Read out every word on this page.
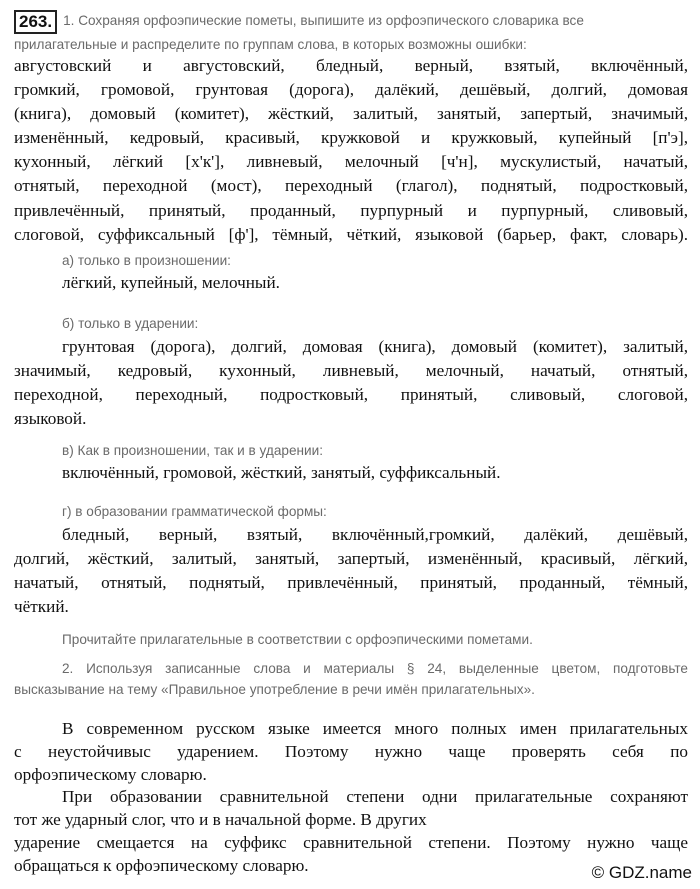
263. 1. Сохраняя орфоэпические пометы, выпишите из орфоэпического словарика все прилагательные и распределите по группам слова, в которых возможны ошибки:
августовский и августовский, бледный, верный, взятый, включённый,
громкий, громовой, грунтовая (дорога), далёкий, дешёвый, долгий, домовая
(книга), домовый (комитет), жёсткий, залитый, занятый, запертый, значимый,
изменённый, кедровый, красивый, кружковой и кружковый, купейный [п'э],
кухонный, лёгкий [х'к'], ливневый, мелочный [ч'н], мускулистый, начатый,
отнятый, переходной (мост), переходный (глагол), поднятый, подростковый,
привлечённый, принятый, проданный, пурпурный и пурпурный, сливовый,
слоговой, суффиксальный [ф'], тёмный, чёткий, языковой (барьер, факт, словарь).
а) только в произношении:
лёгкий, купейный, мелочный.
б) только в ударении:
грунтовая (дорога), долгий, домовая (книга), домовый (комитет), залитый,
значимый, кедровый, кухонный, ливневый, мелочный, начатый, отнятый,
переходной, переходный, подростковый, принятый, сливовый, слоговой,
языковой.
в) Как в произношении, так и в ударении:
включённый, громовой, жёсткий, занятый, суффиксальный.
г) в образовании грамматической формы:
бледный, верный, взятый, включённый,громкий, далёкий, дешёвый,
долгий, жёсткий, залитый, занятый, запертый, изменённый, красивый, лёгкий,
начатый, отнятый, поднятый, привлечённый, принятый, проданный, тёмный,
чёткий.
Прочитайте прилагательные в соответствии с орфоэпическими пометами.
2. Используя записанные слова и материалы § 24, выделенные цветом, подготовьте
высказывание на тему «Правильное употребление в речи имён прилагательных».
В современном русском языке имеется много полных имен прилагательных
с неустойчивыс ударением. Поэтому нужно чаще проверять себя по
орфоэпическому словарю.
При образовании сравнительной степени одни прилагательные сохраняют
тот же ударный слог, что и в начальной форме. В других
ударение смещается на суффикс сравнительной степени. Поэтому нужно чаще
обращаться к орфоэпическому словарю.	© GDZ.name
